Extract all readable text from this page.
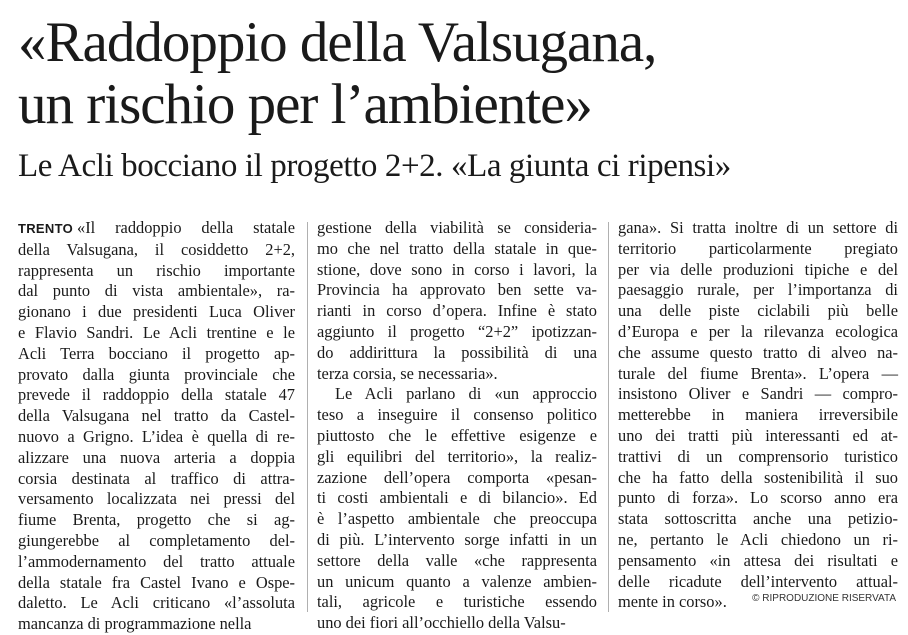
«Raddoppio della Valsugana,
un rischio per l’ambiente»
Le Acli bocciano il progetto 2+2. «La giunta ci ripensi»
TRENTO «Il raddoppio della statale
della Valsugana, il cosiddetto 2+2,
rappresenta un rischio importante
dal punto di vista ambientale», ra-
gionano i due presidenti Luca Oliver
e Flavio Sandri. Le Acli trentine e le
Acli Terra bocciano il progetto ap-
provato dalla giunta provinciale che
prevede il raddoppio della statale 47
della Valsugana nel tratto da Castel-
nuovo a Grigno. L’idea è quella di re-
alizzare una nuova arteria a doppia
corsia destinata al traffico di attra-
versamento localizzata nei pressi del
fiume Brenta, progetto che si ag-
giungerebbe al completamento del-
l’ammodernamento del tratto attuale
della statale fra Castel Ivano e Ospe-
daletto. Le Acli criticano «l’assoluta
mancanza di programmazione nella
gestione della viabilità se consideria-
mo che nel tratto della statale in que-
stione, dove sono in corso i lavori, la
Provincia ha approvato ben sette va-
rianti in corso d’opera. Infine è stato
aggiunto il progetto “2+2” ipotizzan-
do addirittura la possibilità di una
terza corsia, se necessaria».
Le Acli parlano di «un approccio
teso a inseguire il consenso politico
piuttosto che le effettive esigenze e
gli equilibri del territorio», la realiz-
zazione dell’opera comporta «pesan-
ti costi ambientali e di bilancio». Ed
è l’aspetto ambientale che preoccupa
di più. L’intervento sorge infatti in un
settore della valle «che rappresenta
un unicum quanto a valenze ambien-
tali, agricole e turistiche essendo
uno dei fiori all’occhiello della Valsu-
gana». Si tratta inoltre di un settore di
territorio particolarmente pregiato
per via delle produzioni tipiche e del
paesaggio rurale, per l’importanza di
una delle piste ciclabili più belle
d’Europa e per la rilevanza ecologica
che assume questo tratto di alveo na-
turale del fiume Brenta». L’opera —
insistono Oliver e Sandri — compro-
metterebbe in maniera irreversibile
uno dei tratti più interessanti ed at-
trattivi di un comprensorio turistico
che ha fatto della sostenibilità il suo
punto di forza». Lo scorso anno era
stata sottoscritta anche una petizio-
ne, pertanto le Acli chiedono un ri-
pensamento «in attesa dei risultati e
delle ricadute dell’intervento attual-
mente in corso».	© RIPRODUZIONE RISERVATA
